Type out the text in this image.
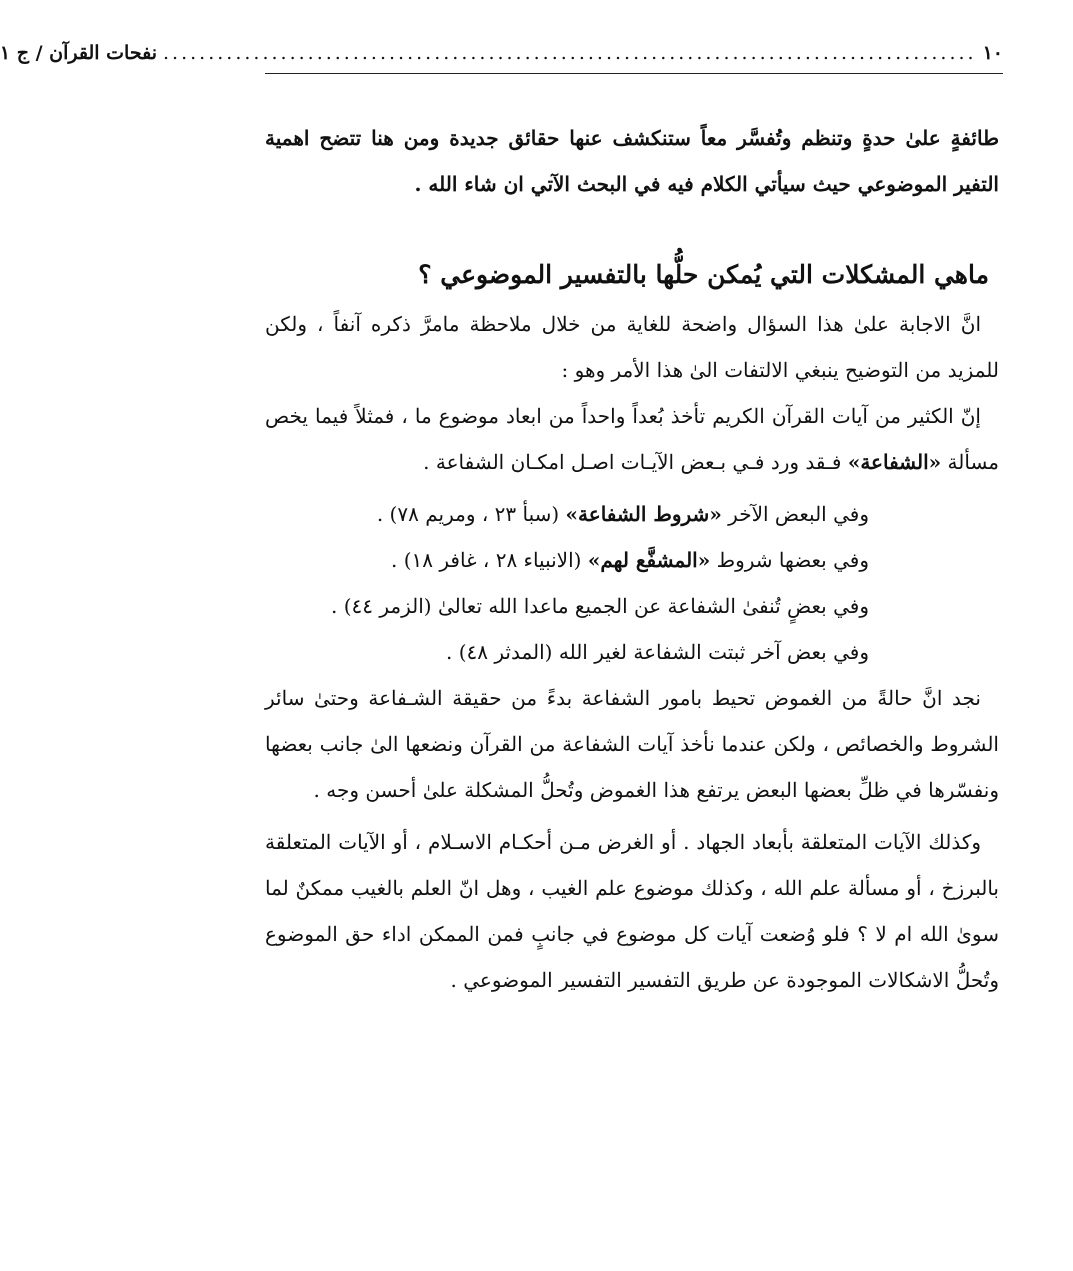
١٠
..........................................................................................
نفحات القرآن / ج ١

طائفةٍ علىٰ حدةٍ وتنظم وتُفسَّر معاً ستنكشف عنها حقائق جديدة ومن هنا تتضح اهمية التفير الموضوعي حيث سيأتي الكلام فيه في البحث الآتي ان شاء الله .

ماهي المشكلات التي يُمكن حلُّها بالتفسير الموضوعي ؟

انَّ الاجابة علىٰ هذا السؤال واضحة للغاية من خلال ملاحظة مامرَّ ذكره آنفاً ، ولكن للمزيد من التوضيح ينبغي الالتفات الىٰ هذا الأمر وهو :

إنّ الكثير من آيات القرآن الكريم تأخذ بُعداً واحداً من ابعاد موضوع ما ، فمثلاً فيما يخص مسألة «الشفاعة» فـقد ورد فـي بـعض الآيـات اصـل امكـان الشفاعة .

وفي البعض الآخر «شروط الشفاعة» (سبأ ٢٣ ، ومريم ٧٨) .

وفي بعضها شروط «المشفَّع لهم» (الانبياء ٢٨ ، غافر ١٨) .

وفي بعضٍ تُنفىٰ الشفاعة عن الجميع ماعدا الله تعالىٰ (الزمر ٤٤) .

وفي بعض آخر ثبتت الشفاعة لغير الله (المدثر ٤٨) .

نجد انَّ حالةً من الغموض تحيط بامور الشفاعة بدءً من حقيقة الشـفاعة وحتىٰ سائر الشروط والخصائص ، ولكن عندما نأخذ آيات الشفاعة من القرآن ونضعها الىٰ جانب بعضها ونفسّرها في ظلِّ بعضها البعض يرتفع هذا الغموض وتُحلُّ المشكلة علىٰ أحسن وجه .

وكذلك الآيات المتعلقة بأبعاد الجهاد . أو الغرض مـن أحكـام الاسـلام ، أو الآيات المتعلقة بالبرزخ ، أو مسألة علم الله ، وكذلك موضوع علم الغيب ، وهل انّ العلم بالغيب ممكنٌ لما سوىٰ الله ام لا ؟ فلو وُضعت آيات كل موضوع في جانبٍ فمن الممكن اداء حق الموضوع وتُحلُّ الاشكالات الموجودة عن طريق التفسير التفسير الموضوعي .
